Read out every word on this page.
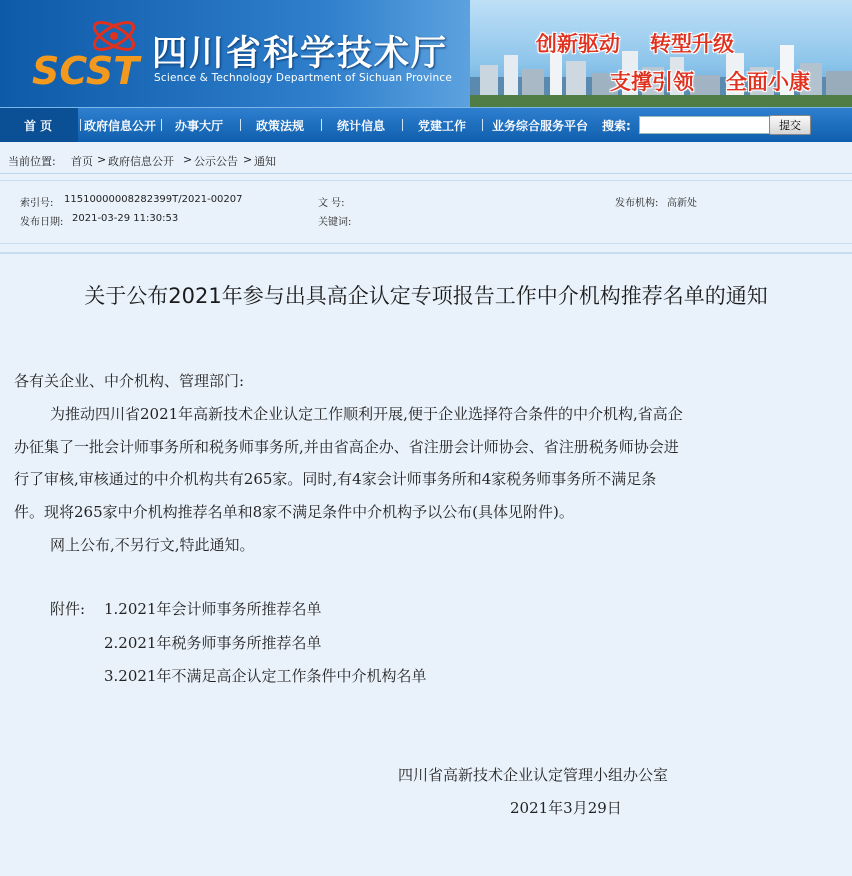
SCST 四川省科学技术厅
Science & Technology Department of Sichuan Province
创新驱动 转型升级
支撑引领 全面小康
首 页	政府信息公开 办事大厅	政策法规	统计信息	党建工作 业务综合服务平台 搜索:	提交
当前位置: 首页 > 政府信息公开 > 公示公告 > 通知
索引号: 11510000008282399T/2021-00207
发布日期: 2021-03-29 11:30:53
文 号:
关键词:
发布机构: 高新处
关于公布2021年参与出具高企认定专项报告工作中介机构推荐名单的通知
各有关企业、中介机构、管理部门:
为推动四川省2021年高新技术企业认定工作顺利开展,便于企业选择符合条件的中介机构,省高企
办征集了一批会计师事务所和税务师事务所,并由省高企办、省注册会计师协会、省注册税务师协会进
行了审核,审核通过的中介机构共有265家。同时,有4家会计师事务所和4家税务师事务所不满足条
件。现将265家中介机构推荐名单和8家不满足条件中介机构予以公布(具体见附件)。
网上公布,不另行文,特此通知。
附件: 1.2021年会计师事务所推荐名单
2.2021年税务师事务所推荐名单
3.2021年不满足高企认定工作条件中介机构名单
四川省高新技术企业认定管理小组办公室
2021年3月29日
